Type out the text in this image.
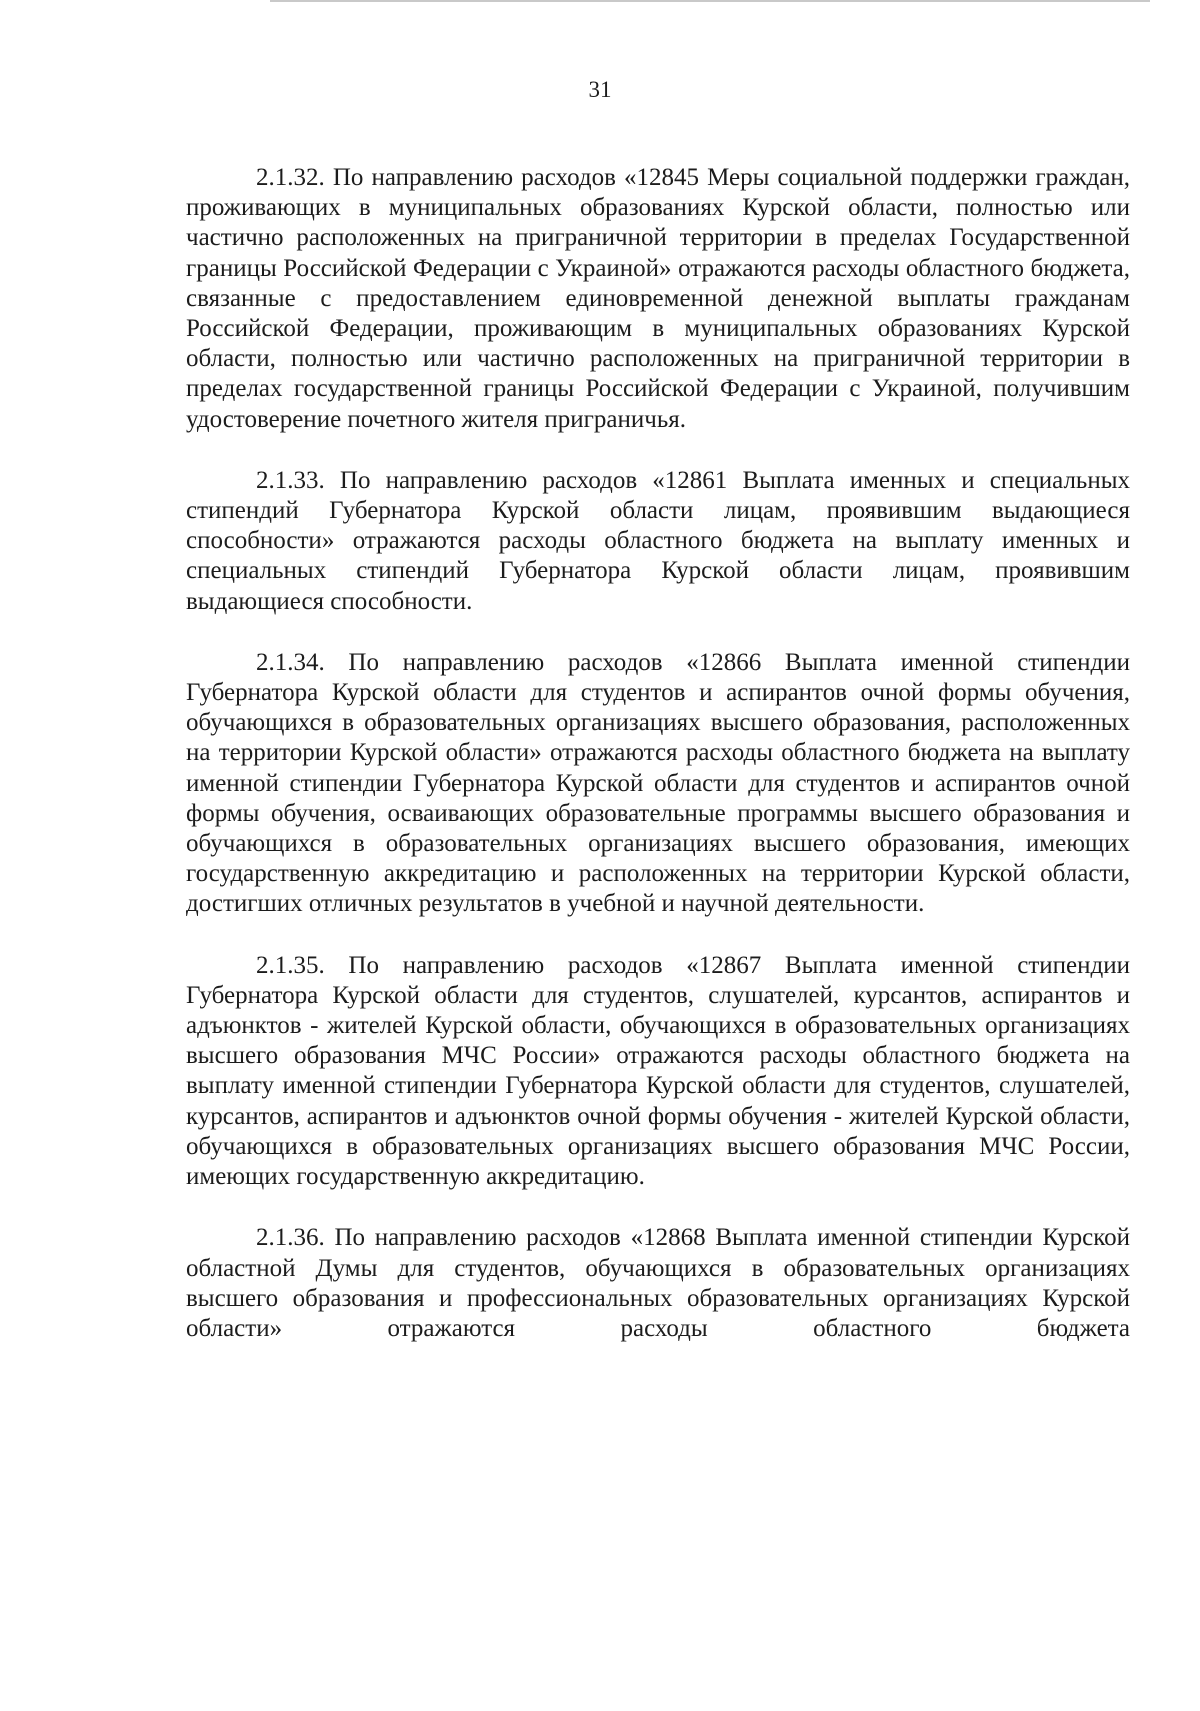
31

2.1.32. По направлению расходов «12845 Меры социальной поддержки граждан, проживающих в муниципальных образованиях Курской области, полностью или частично расположенных на приграничной территории в пределах Государственной границы Российской Федерации с Украиной» отражаются расходы областного бюджета, связанные с предоставлением единовременной денежной выплаты гражданам Российской Федерации, проживающим в муниципальных образованиях Курской области, полностью или частично расположенных на приграничной территории в пределах государственной границы Российской Федерации с Украиной, получившим удостоверение почетного жителя приграничья.

2.1.33. По направлению расходов «12861 Выплата именных и специальных стипендий Губернатора Курской области лицам, проявившим выдающиеся способности» отражаются расходы областного бюджета на выплату именных и специальных стипендий Губернатора Курской области лицам, проявившим выдающиеся способности.

2.1.34. По направлению расходов «12866 Выплата именной стипендии Губернатора Курской области для студентов и аспирантов очной формы обучения, обучающихся в образовательных организациях высшего образования, расположенных на территории Курской области» отражаются расходы областного бюджета на выплату именной стипендии Губернатора Курской области для студентов и аспирантов очной формы обучения, осваивающих образовательные программы высшего образования и обучающихся в образовательных организациях высшего образования, имеющих государственную аккредитацию и расположенных на территории Курской области, достигших отличных результатов в учебной и научной деятельности.

2.1.35. По направлению расходов «12867 Выплата именной стипендии Губернатора Курской области для студентов, слушателей, курсантов, аспирантов и адъюнктов - жителей Курской области, обучающихся в образовательных организациях высшего образования МЧС России» отражаются расходы областного бюджета на выплату именной стипендии Губернатора Курской области для студентов, слушателей, курсантов, аспирантов и адъюнктов очной формы обучения - жителей Курской области, обучающихся в образовательных организациях высшего образования МЧС России, имеющих государственную аккредитацию.

2.1.36. По направлению расходов «12868 Выплата именной стипендии Курской областной Думы для студентов, обучающихся в образовательных организациях высшего образования и профессиональных образовательных организациях Курской области» отражаются расходы областного бюджета
